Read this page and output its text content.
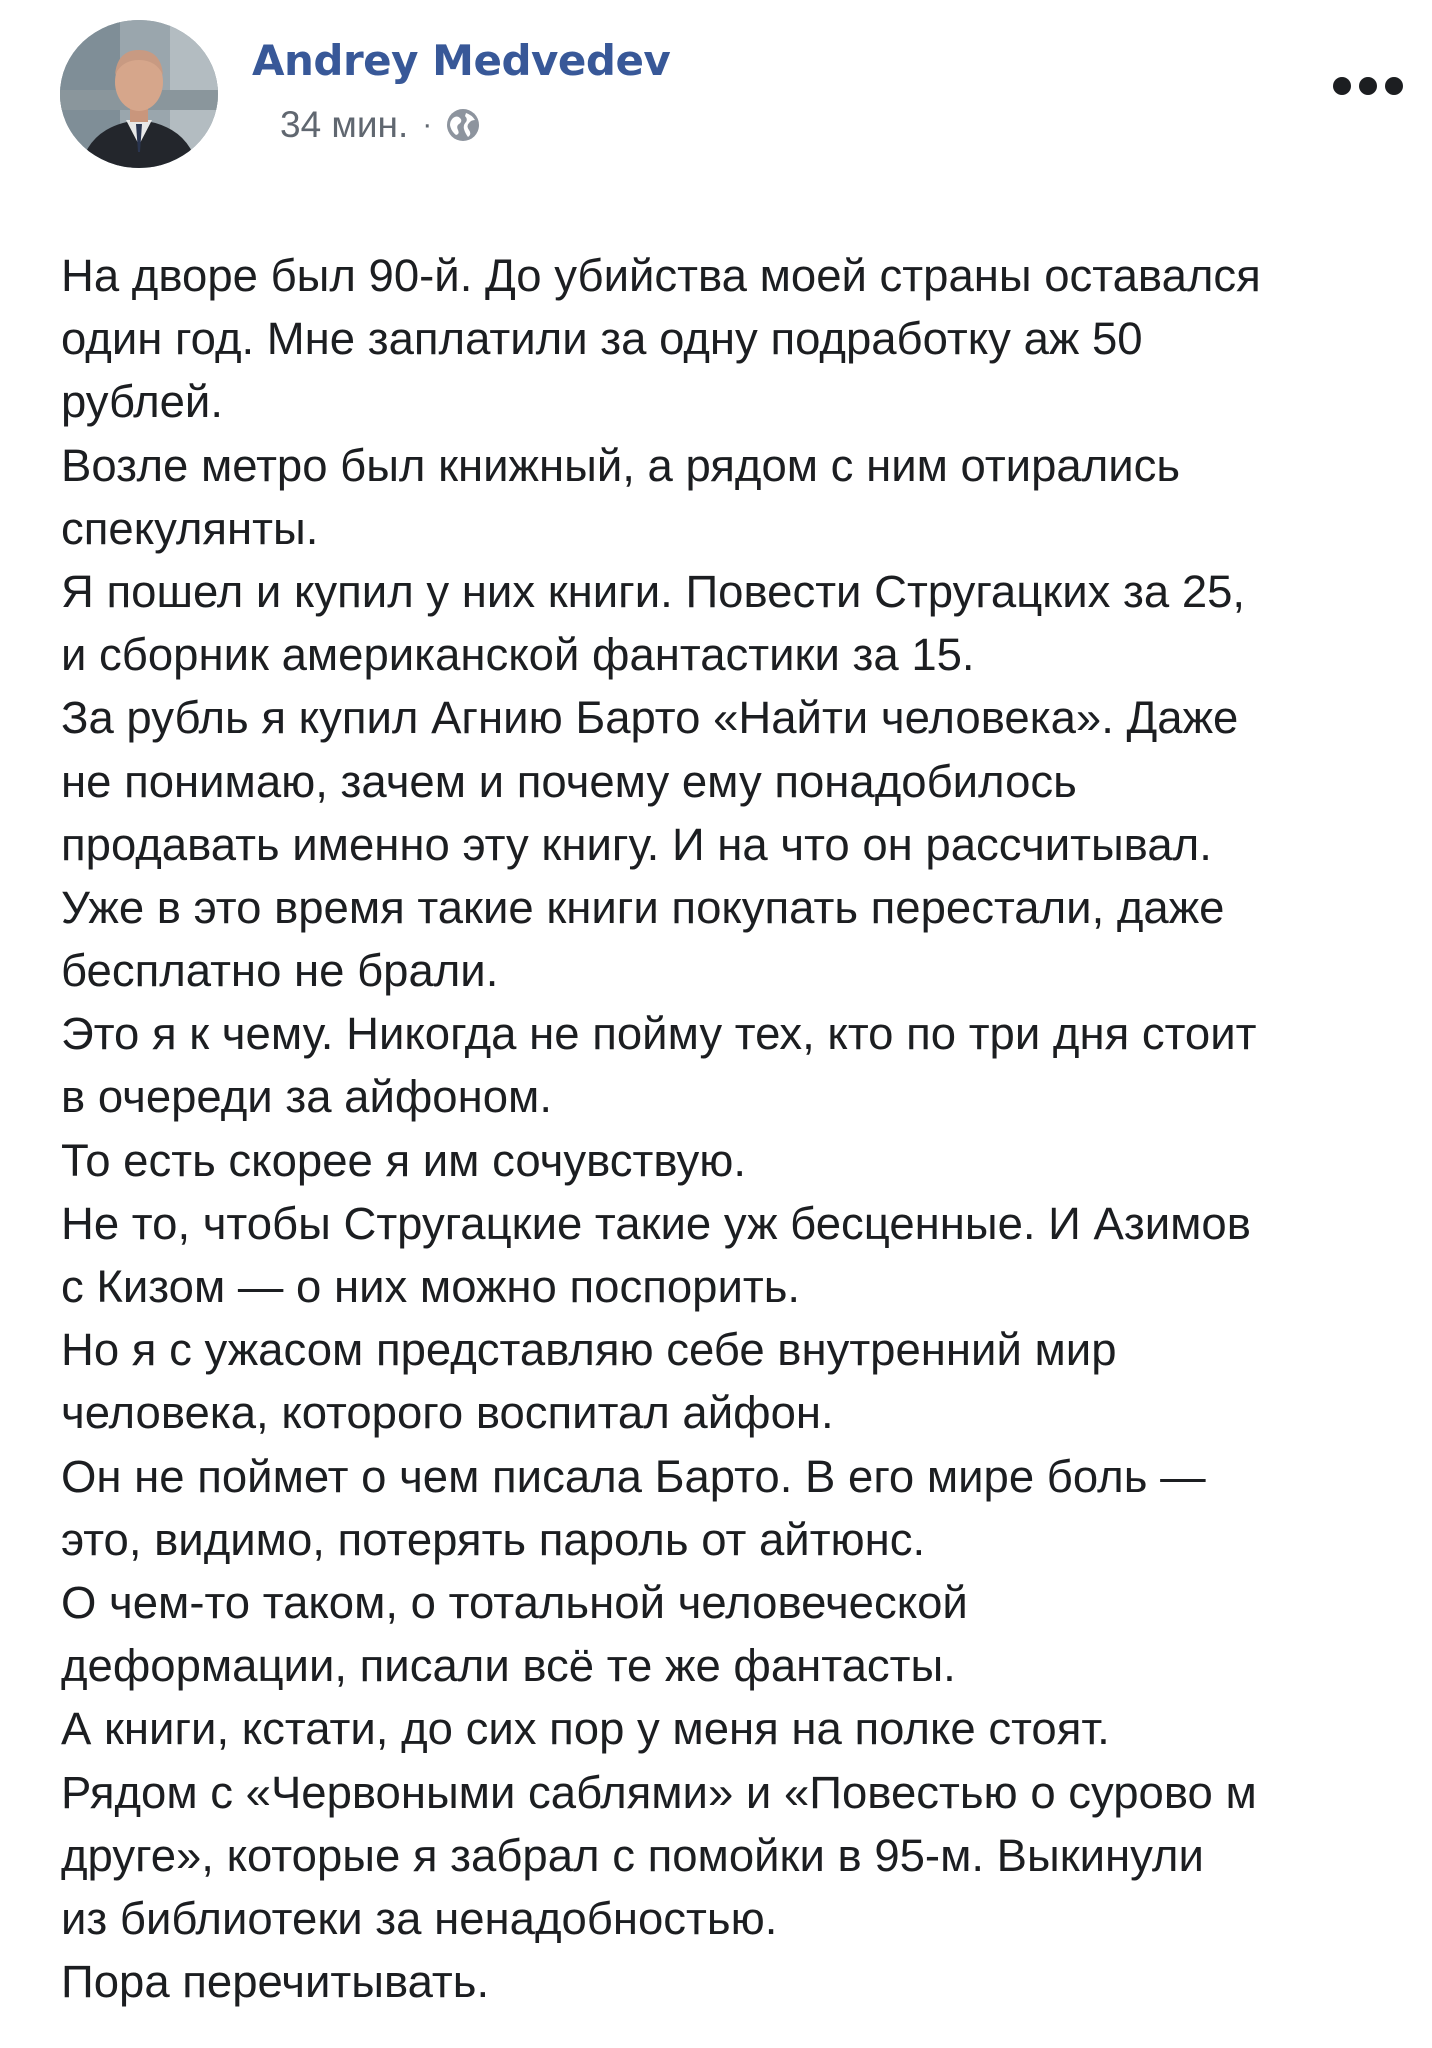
Andrey Medvedev
34 мин. ·
На дворе был 90-й. До убийства моей страны оставался
один год. Мне заплатили за одну подработку аж 50
рублей.
Возле метро был книжный, а рядом с ним отирались
спекулянты.
Я пошел и купил у них книги. Повести Стругацких за 25,
и сборник американской фантастики за 15.
За рубль я купил Агнию Барто «Найти человека». Даже
не понимаю, зачем и почему ему понадобилось
продавать именно эту книгу. И на что он рассчитывал.
Уже в это время такие книги покупать перестали, даже
бесплатно не брали.
Это я к чему. Никогда не пойму тех, кто по три дня стоит
в очереди за айфоном.
То есть скорее я им сочувствую.
Не то, чтобы Стругацкие такие уж бесценные. И Азимов
с Кизом — о них можно поспорить.
Но я с ужасом представляю себе внутренний мир
человека, которого воспитал айфон.
Он не поймет о чем писала Барто. В его мире боль —
это, видимо, потерять пароль от айтюнс.
О чем-то таком, о тотальной человеческой
деформации, писали всё те же фантасты.
А книги, кстати, до сих пор у меня на полке стоят.
Рядом с «Червоными саблями» и «Повестью о сурово м
друге», которые я забрал с помойки в 95-м. Выкинули
из библиотеки за ненадобностью.
Пора перечитывать.
